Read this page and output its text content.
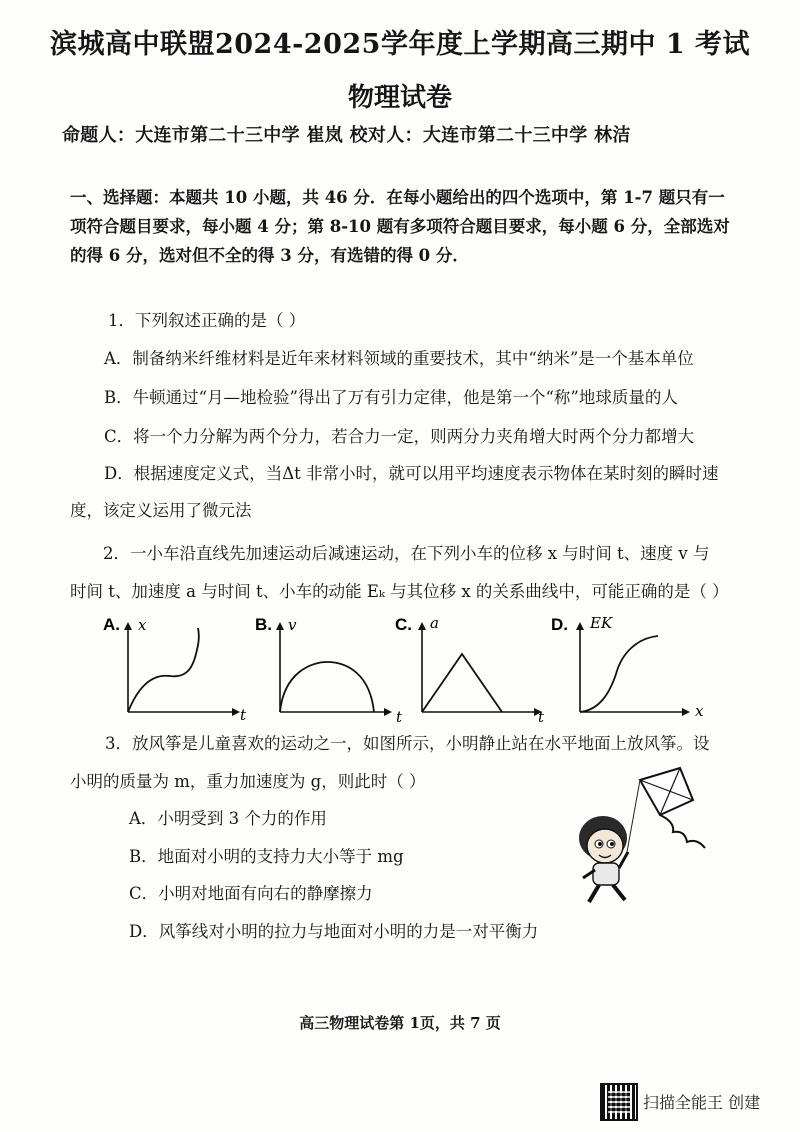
滨城高中联盟2024-2025学年度上学期高三期中 1 考试
物理试卷
命题人：大连市第二十三中学 崔岚 校对人：大连市第二十三中学 林洁
一、选择题：本题共 10 小题，共 46 分．在每小题给出的四个选项中，第 1-7 题只有一项符合题目要求，每小题 4 分；第 8-10 题有多项符合题目要求，每小题 6 分，全部选对的得 6 分，选对但不全的得 3 分，有选错的得 0 分．
1．下列叙述正确的是（ ）
A．制备纳米纤维材料是近年来材料领域的重要技术，其中“纳米”是一个基本单位
B．牛顿通过“月—地检验”得出了万有引力定律，他是第一个“称”地球质量的人
C．将一个力分解为两个分力，若合力一定，则两分力夹角增大时两个分力都增大
D．根据速度定义式，当Δt 非常小时，就可以用平均速度表示物体在某时刻的瞬时速度，该定义运用了微元法
2．一小车沿直线先加速运动后减速运动，在下列小车的位移 x 与时间 t、速度 v 与
时间 t、加速度 a 与时间 t、小车的动能 Eₖ 与其位移 x 的关系曲线中，可能正确的是（ ）
A. x
t
B. v
t
C. a
t
D. EK
x
3．放风筝是儿童喜欢的运动之一，如图所示，小明静止站在水平地面上放风筝。设
小明的质量为 m，重力加速度为 g，则此时（ ）
A．小明受到 3 个力的作用
B．地面对小明的支持力大小等于 mg
C．小明对地面有向右的静摩擦力
D．风筝线对小明的拉力与地面对小明的力是一对平衡力
高三物理试卷第 1页，共 7 页
扫描全能王 创建
